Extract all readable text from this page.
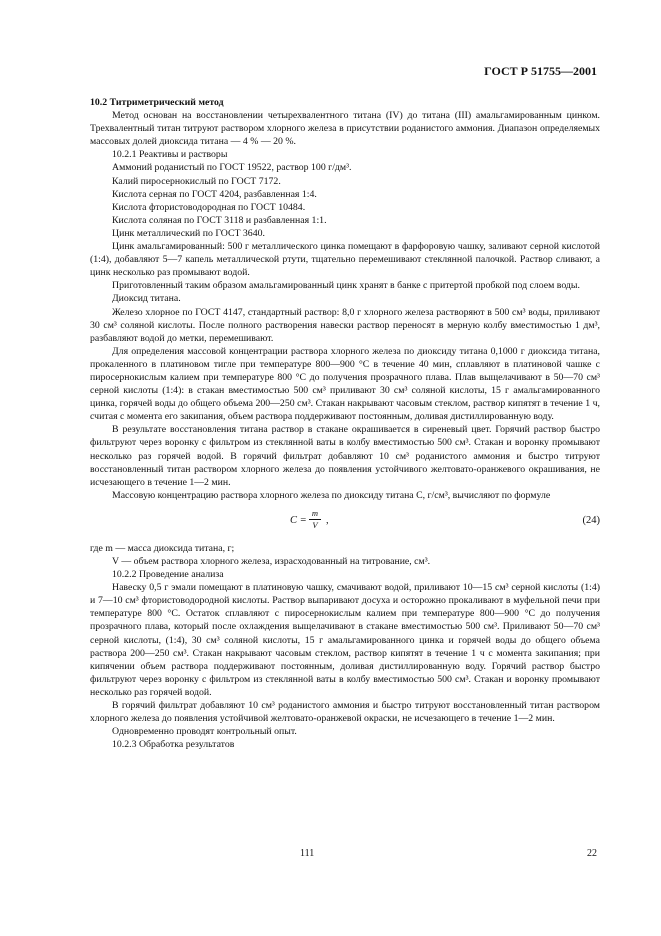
ГОСТ Р 51755—2001

10.2 Титриметрический метод

Метод основан на восстановлении четырехвалентного титана (IV) до титана (III) амальгамированным цинком. Трехвалентный титан титруют раствором хлорного железа в присутствии роданистого аммония. Диапазон определяемых массовых долей диоксида титана — 4 % — 20 %.

10.2.1 Реактивы и растворы

Аммоний роданистый по ГОСТ 19522, раствор 100 г/дм³.

Калий пиросернокислый по ГОСТ 7172.

Кислота серная по ГОСТ 4204, разбавленная 1:4.

Кислота фтористоводородная по ГОСТ 10484.

Кислота соляная по ГОСТ 3118 и разбавленная 1:1.

Цинк металлический по ГОСТ 3640.

Цинк амальгамированный: 500 г металлического цинка помещают в фарфоровую чашку, заливают серной кислотой (1:4), добавляют 5—7 капель металлической ртути, тщательно перемешивают стеклянной палочкой. Раствор сливают, а цинк несколько раз промывают водой.

Приготовленный таким образом амальгамированный цинк хранят в банке с притертой пробкой под слоем воды.

Диоксид титана.

Железо хлорное по ГОСТ 4147, стандартный раствор: 8,0 г хлорного железа растворяют в 500 см³ воды, приливают 30 см³ соляной кислоты. После полного растворения навески раствор переносят в мерную колбу вместимостью 1 дм³, разбавляют водой до метки, перемешивают.

Для определения массовой концентрации раствора хлорного железа по диоксиду титана 0,1000 г диоксида титана, прокаленного в платиновом тигле при температуре 800—900 °С в течение 40 мин, сплавляют в платиновой чашке с пиросернокислым калием при температуре 800 °С до получения прозрачного плава. Плав выщелачивают в 50—70 см³ серной кислоты (1:4): в стакан вместимостью 500 см³ приливают 30 см³ соляной кислоты, 15 г амальгамированного цинка, горячей воды до общего объема 200—250 см³. Стакан накрывают часовым стеклом, раствор кипятят в течение 1 ч, считая с момента его закипания, объем раствора поддерживают постоянным, доливая дистиллированную воду.

В результате восстановления титана раствор в стакане окрашивается в сиреневый цвет. Горячий раствор быстро фильтруют через воронку с фильтром из стеклянной ваты в колбу вместимостью 500 см³. Стакан и воронку промывают несколько раз горячей водой. В горячий фильтрат добавляют 10 см³ роданистого аммония и быстро титруют восстановленный титан раствором хлорного железа до появления устойчивого желтовато-оранжевого окрашивания, не исчезающего в течение 1—2 мин.

Массовую концентрацию раствора хлорного железа по диоксиду титана С, г/см³, вычисляют по формуле

$C = \frac{m}{V}$ ,	(24)

где m — масса диоксида титана, г;

V — объем раствора хлорного железа, израсходованный на титрование, см³.

10.2.2 Проведение анализа

Навеску 0,5 г эмали помещают в платиновую чашку, смачивают водой, приливают 10—15 см³ серной кислоты (1:4) и 7—10 см³ фтористоводородной кислоты. Раствор выпаривают досуха и осторожно прокаливают в муфельной печи при температуре 800 °С. Остаток сплавляют с пиросернокислым калием при температуре 800—900 °С до получения прозрачного плава, который после охлаждения выщелачивают в стакане вместимостью 500 см³. Приливают 50—70 см³ серной кислоты, (1:4), 30 см³ соляной кислоты, 15 г амальгамированного цинка и горячей воды до общего объема раствора 200—250 см³. Стакан накрывают часовым стеклом, раствор кипятят в течение 1 ч с момента закипания; при кипячении объем раствора поддерживают постоянным, доливая дистиллированную воду. Горячий раствор быстро фильтруют через воронку с фильтром из стеклянной ваты в колбу вместимостью 500 см³. Стакан и воронку промывают несколько раз горячей водой.

В горячий фильтрат добавляют 10 см³ роданистого аммония и быстро титруют восстановленный титан раствором хлорного железа до появления устойчивой желтовато-оранжевой окраски, не исчезающего в течение 1—2 мин.

Одновременно проводят контрольный опыт.

10.2.3 Обработка результатов

111	22
